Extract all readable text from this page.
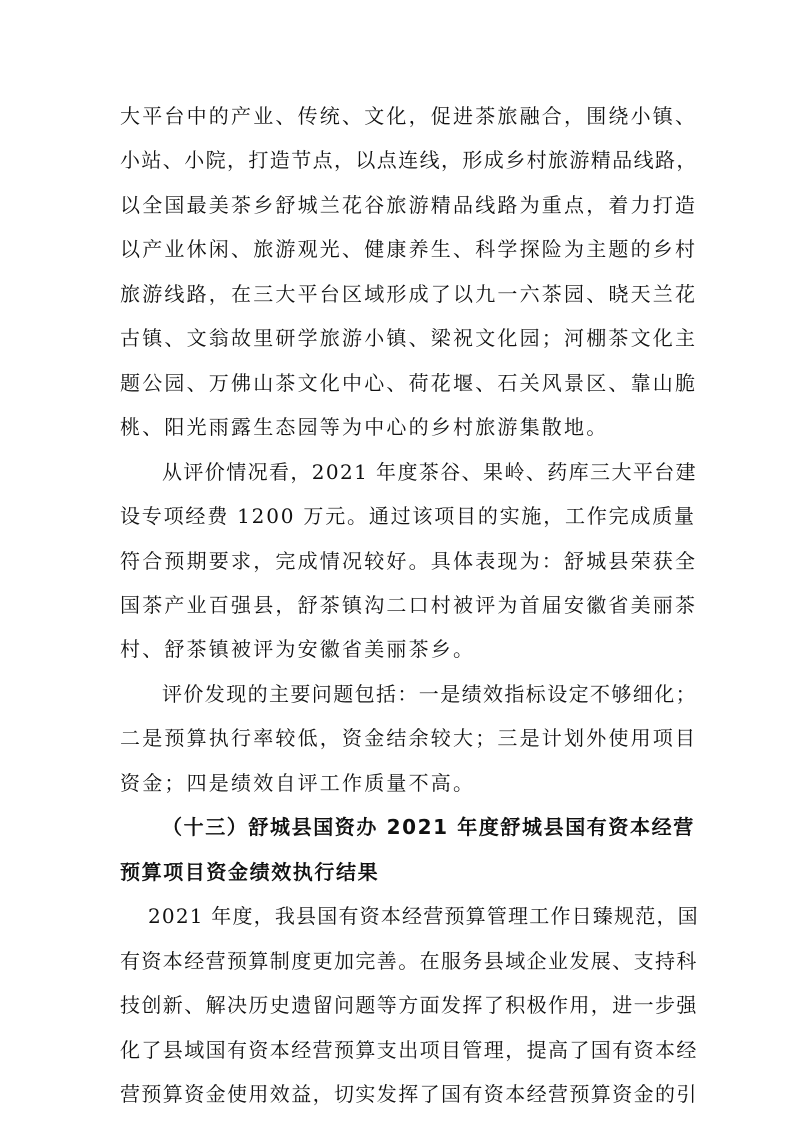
大平台中的产业、传统、文化，促进茶旅融合，围绕小镇、
小站、小院，打造节点，以点连线，形成乡村旅游精品线路，
以全国最美茶乡舒城兰花谷旅游精品线路为重点，着力打造
以产业休闲、旅游观光、健康养生、科学探险为主题的乡村
旅游线路，在三大平台区域形成了以九一六茶园、晓天兰花
古镇、文翁故里研学旅游小镇、梁祝文化园；河棚茶文化主
题公园、万佛山茶文化中心、荷花堰、石关风景区、靠山脆
桃、阳光雨露生态园等为中心的乡村旅游集散地。
从评价情况看，2021 年度茶谷、果岭、药库三大平台建
设专项经费 1200 万元。通过该项目的实施，工作完成质量
符合预期要求，完成情况较好。具体表现为：舒城县荣获全
国茶产业百强县，舒茶镇沟二口村被评为首届安徽省美丽茶
村、舒茶镇被评为安徽省美丽茶乡。
评价发现的主要问题包括：一是绩效指标设定不够细化；
二是预算执行率较低，资金结余较大；三是计划外使用项目
资金；四是绩效自评工作质量不高。
（十三）舒城县国资办 2021 年度舒城县国有资本经营
预算项目资金绩效执行结果
2021 年度，我县国有资本经营预算管理工作日臻规范，国
有资本经营预算制度更加完善。在服务县域企业发展、支持科
技创新、解决历史遗留问题等方面发挥了积极作用，进一步强
化了县域国有资本经营预算支出项目管理，提高了国有资本经
营预算资金使用效益，切实发挥了国有资本经营预算资金的引
